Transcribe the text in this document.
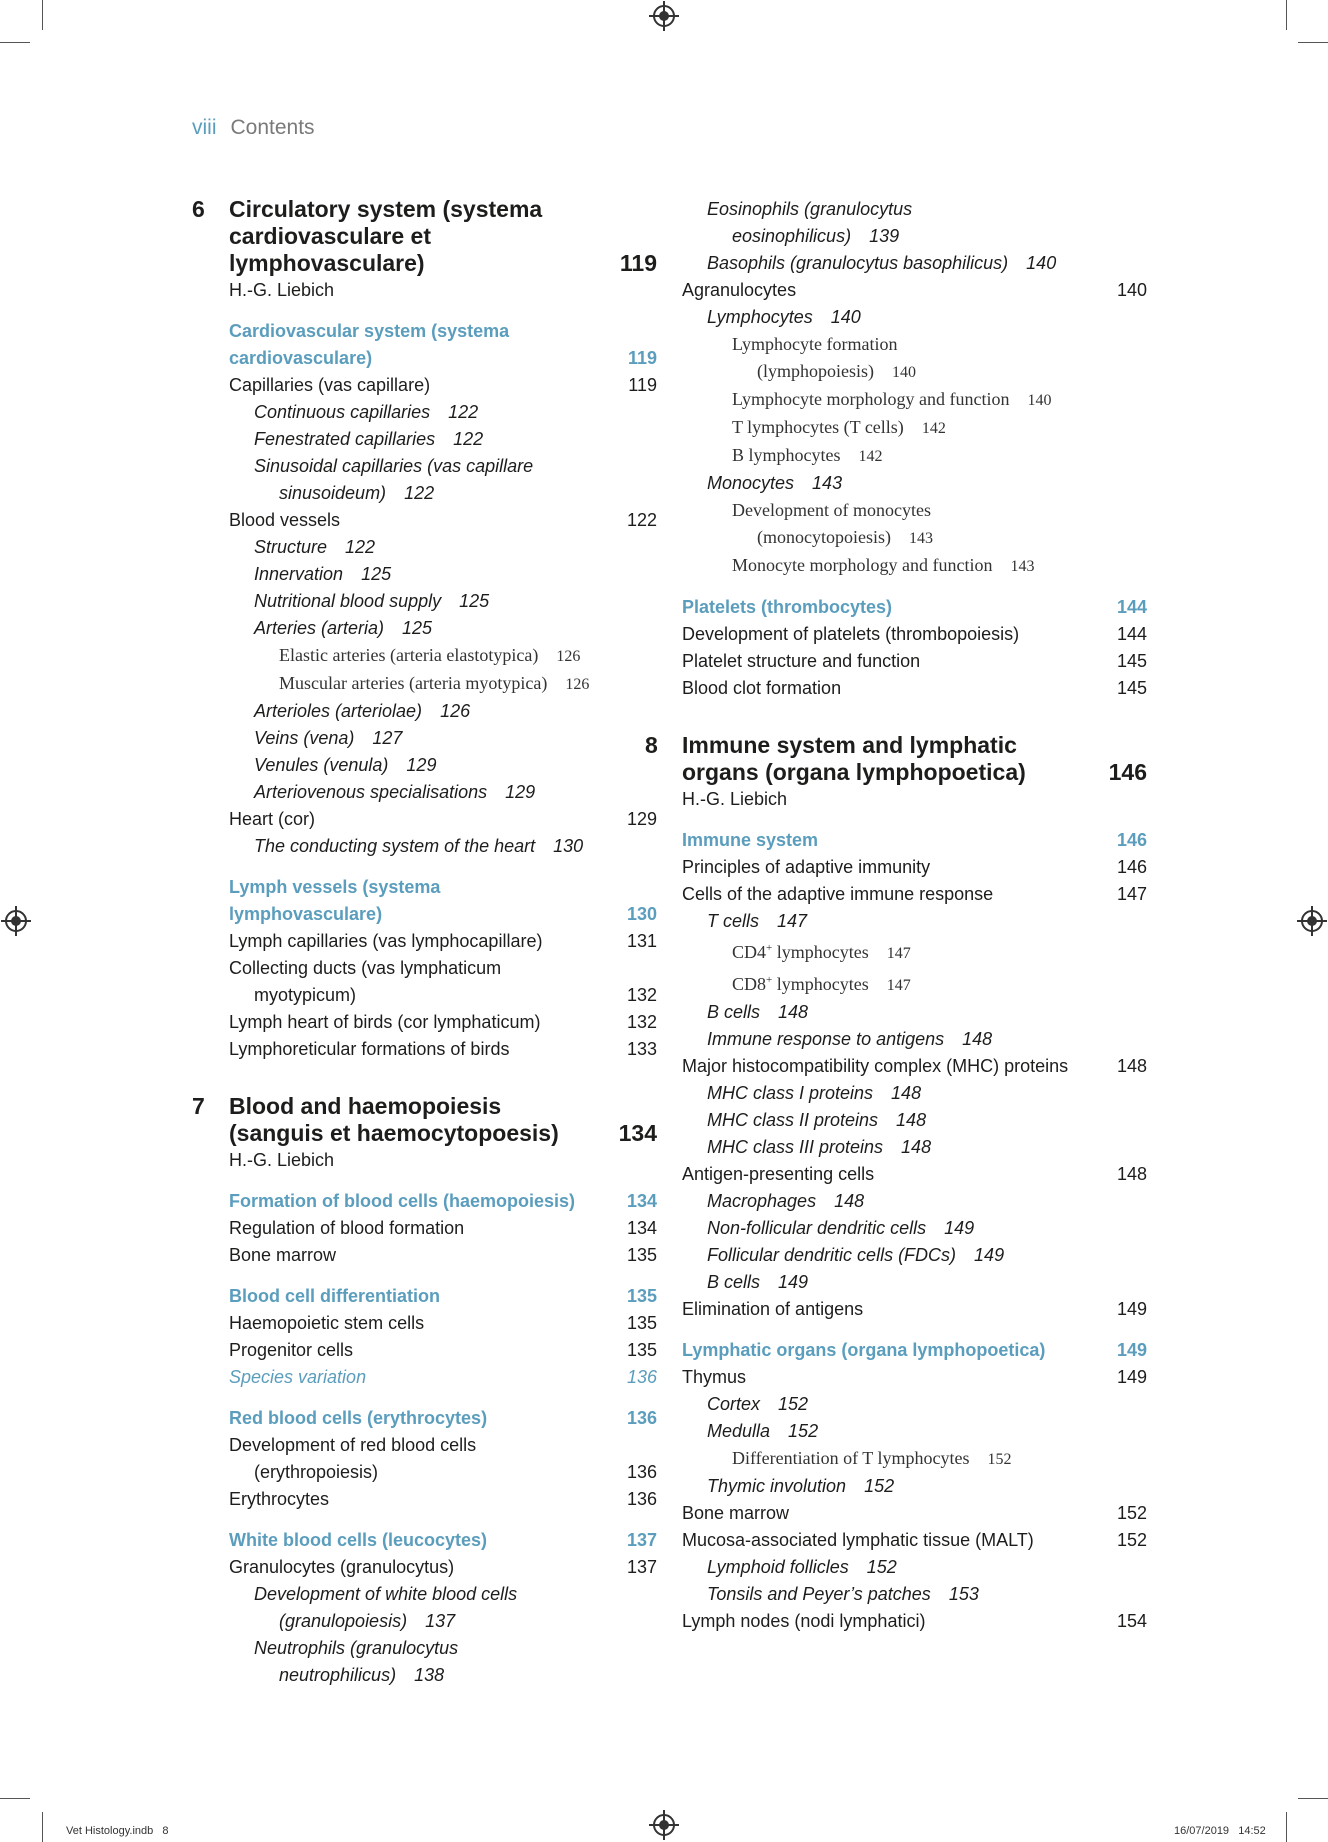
viii Contents
6 Circulatory system (systema cardiovasculare et lymphovasculare)	119
H.-G. Liebich
Cardiovascular system (systema cardiovasculare)	119
Capillaries (vas capillare)	119
Continuous capillaries 122
Fenestrated capillaries 122
Sinusoidal capillaries (vas capillare sinusoideum) 122
Blood vessels	122
Structure 122
Innervation 125
Nutritional blood supply 125
Arteries (arteria) 125
Elastic arteries (arteria elastotypica) 126
Muscular arteries (arteria myotypica) 126
Arterioles (arteriolae) 126
Veins (vena) 127
Venules (venula) 129
Arteriovenous specialisations 129
Heart (cor)	129
The conducting system of the heart 130
Lymph vessels (systema lymphovasculare)	130
Lymph capillaries (vas lymphocapillare)	131
Collecting ducts (vas lymphaticum myotypicum)	132
Lymph heart of birds (cor lymphaticum)	132
Lymphoreticular formations of birds	133
7 Blood and haemopoiesis (sanguis et haemocytopoesis)	134
H.-G. Liebich
Formation of blood cells (haemopoiesis)	134
Regulation of blood formation	134
Bone marrow	135
Blood cell differentiation	135
Haemopoietic stem cells	135
Progenitor cells	135
Species variation	136
Red blood cells (erythrocytes)	136
Development of red blood cells (erythropoiesis)	136
Erythrocytes	136
White blood cells (leucocytes)	137
Granulocytes (granulocytus)	137
Development of white blood cells (granulopoiesis) 137
Neutrophils (granulocytus neutrophilicus) 138
Eosinophils (granulocytus eosinophilicus) 139
Basophils (granulocytus basophilicus) 140
Agranulocytes	140
Lymphocytes 140
Lymphocyte formation (lymphopoiesis) 140
Lymphocyte morphology and function 140
T lymphocytes (T cells) 142
B lymphocytes 142
Monocytes 143
Development of monocytes (monocytopoiesis) 143
Monocyte morphology and function 143
Platelets (thrombocytes)	144
Development of platelets (thrombopoiesis)	144
Platelet structure and function	145
Blood clot formation	145
8 Immune system and lymphatic organs (organa lymphopoetica)	146
H.-G. Liebich
Immune system	146
Principles of adaptive immunity	146
Cells of the adaptive immune response	147
T cells 147
CD4+ lymphocytes 147
CD8+ lymphocytes 147
B cells 148
Immune response to antigens 148
Major histocompatibility complex (MHC) proteins	148
MHC class I proteins 148
MHC class II proteins 148
MHC class III proteins 148
Antigen-presenting cells	148
Macrophages 148
Non-follicular dendritic cells 149
Follicular dendritic cells (FDCs) 149
B cells 149
Elimination of antigens	149
Lymphatic organs (organa lymphopoetica)	149
Thymus	149
Cortex 152
Medulla 152
Differentiation of T lymphocytes 152
Thymic involution 152
Bone marrow	152
Mucosa-associated lymphatic tissue (MALT)	152
Lymphoid follicles 152
Tonsils and Peyer’s patches 153
Lymph nodes (nodi lymphatici)	154
Vet Histology.indb   8	16/07/2019   14:52
